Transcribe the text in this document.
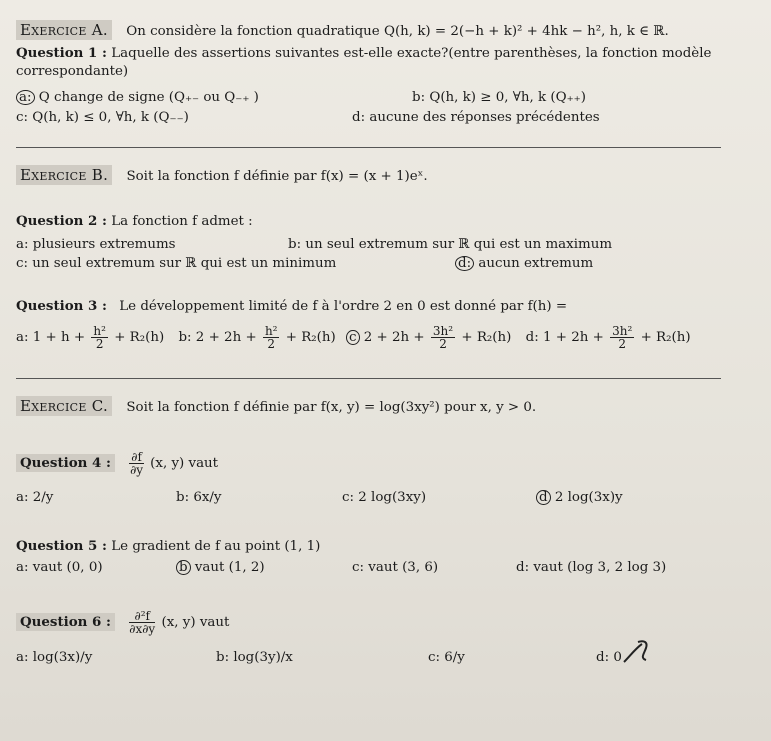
Exercice A. On considère la fonction quadratique Q(h, k) = 2(−h + k)² + 4hk − h², h, k ∈ ℝ.
Question 1 : Laquelle des assertions suivantes est-elle exacte?(entre parenthèses, la fonction modèle
correspondante)
a: Q change de signe (Q₊₋ ou Q₋₊ )	b: Q(h, k) ≥ 0, ∀h, k (Q₊₊)
c: Q(h, k) ≤ 0, ∀h, k (Q₋₋)	d: aucune des réponses précédentes
Exercice B. Soit la fonction f définie par f(x) = (x + 1)eˣ.
Question 2 : La fonction f admet :
a: plusieurs extremums	b: un seul extremum sur ℝ qui est un maximum
c: un seul extremum sur ℝ qui est un minimum	d: aucun extremum
Question 3 : Le développement limité de f à l'ordre 2 en 0 est donné par f(h) =
a: $1 + h + \frac{\text{h²}}{2} + R_2(h)$ b: $2 + 2h + \frac{\text{h²}}{2} + R_2(h)$ c $2 + 2h + \frac{\text{3h²}}{2} + R_2(h)$ d: $1 + 2h + \frac{\text{3h²}}{2} + R_2(h)$
Exercice C. Soit la fonction f définie par f(x, y) = log(3xy²) pour x, y > 0.
Question 4 : $\frac{\partial f}{\partial y} (x$, y) vaut
a: 2/y	b: 6x/y	c: 2 log(3xy)	d 2 log(3x)y
Question 5 : Le gradient de f au point (1, 1)
a: vaut (0, 0)	b vaut (1, 2)	c: vaut (3, 6)	d: vaut (log 3, 2 log 3)
Question 6 : $\frac{\text{∂²f}}{\partial x\partial y} (x$, y) vaut
a: log(3x)/y	b: log(3y)/x	c: 6/y	d: 0
